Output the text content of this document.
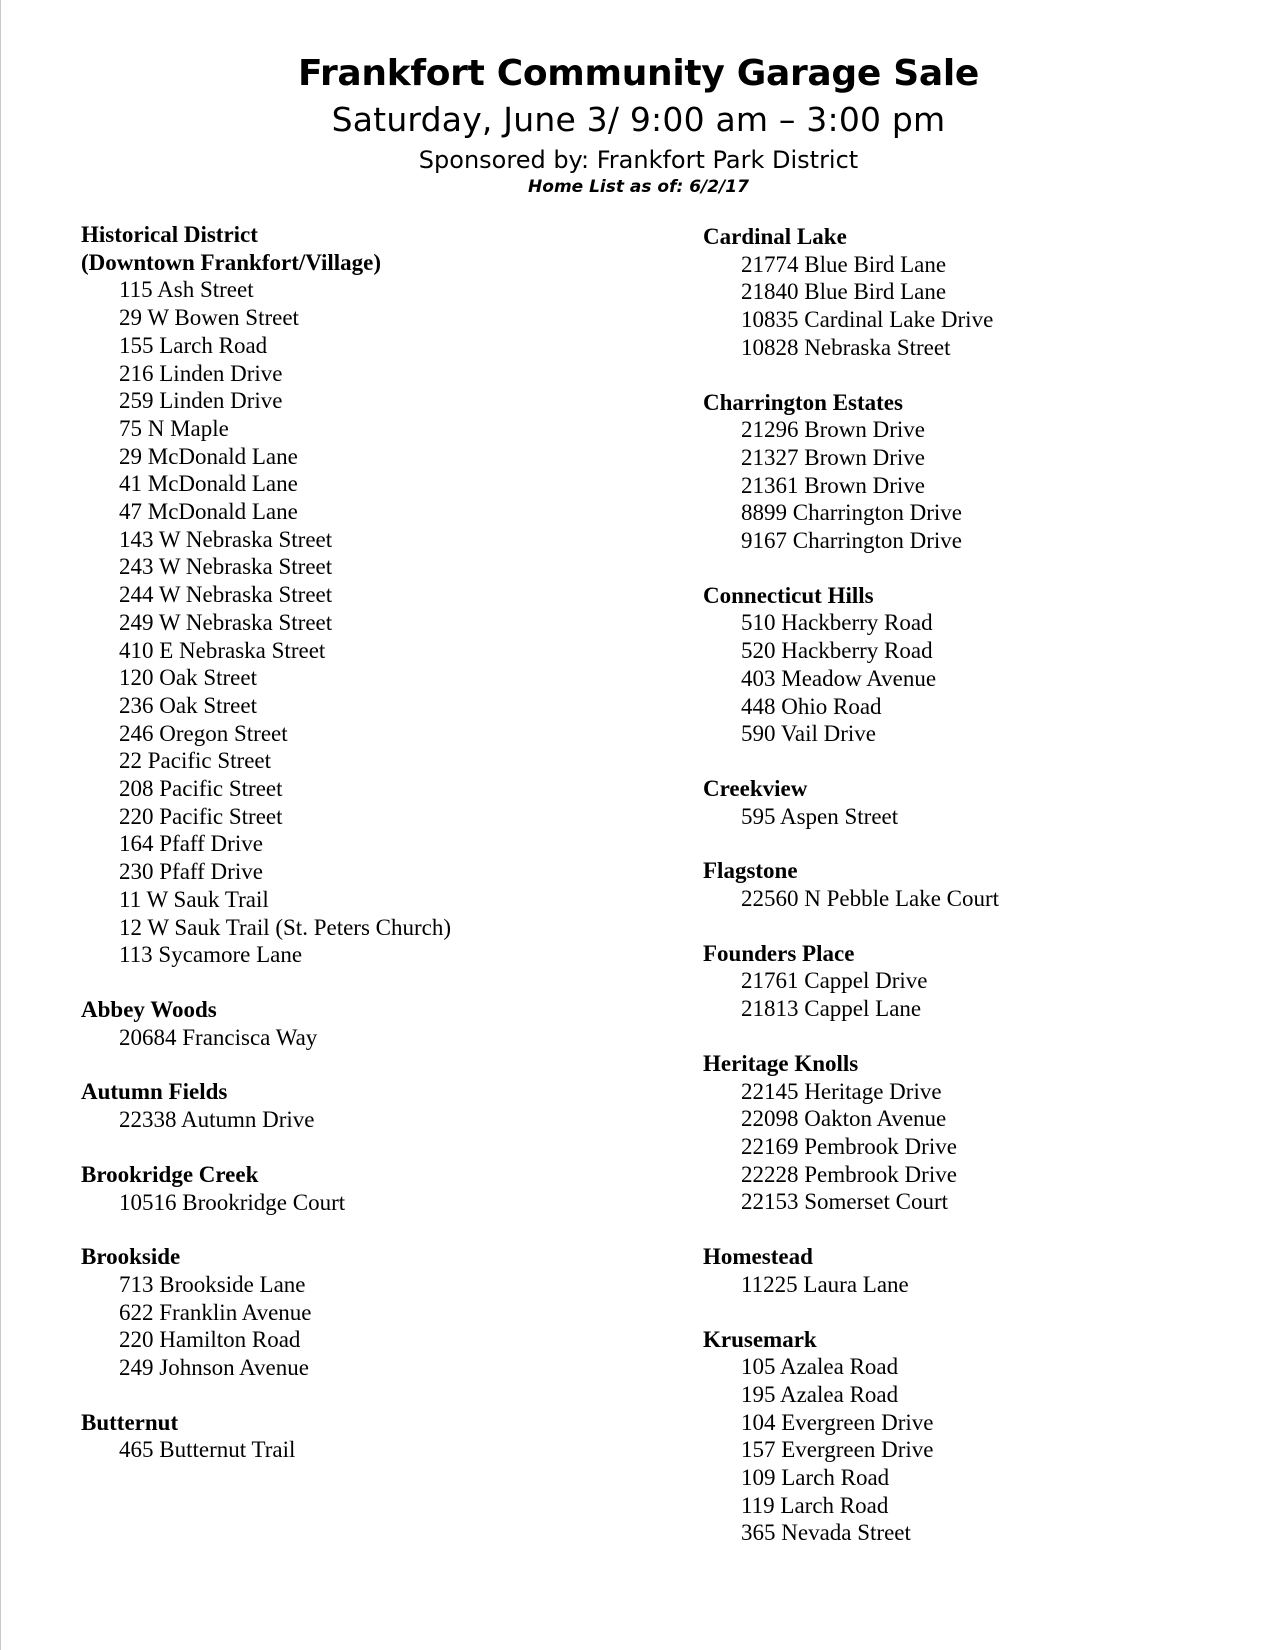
Frankfort Community Garage Sale
Saturday, June 3/ 9:00 am – 3:00 pm
Sponsored by: Frankfort Park District
Home List as of: 6/2/17
Historical District
(Downtown Frankfort/Village)
115 Ash Street
29 W Bowen Street
155 Larch Road
216 Linden Drive
259 Linden Drive
75 N Maple
29 McDonald Lane
41 McDonald Lane
47 McDonald Lane
143 W Nebraska Street
243 W Nebraska Street
244 W Nebraska Street
249 W Nebraska Street
410 E Nebraska Street
120 Oak Street
236 Oak Street
246 Oregon Street
22 Pacific Street
208 Pacific Street
220 Pacific Street
164 Pfaff Drive
230 Pfaff Drive
11 W Sauk Trail
12 W Sauk Trail (St. Peters Church)
113 Sycamore Lane
Abbey Woods
20684 Francisca Way
Autumn Fields
22338 Autumn Drive
Brookridge Creek
10516 Brookridge Court
Brookside
713 Brookside Lane
622 Franklin Avenue
220 Hamilton Road
249 Johnson Avenue
Butternut
465 Butternut Trail
Cardinal Lake
21774 Blue Bird Lane
21840 Blue Bird Lane
10835 Cardinal Lake Drive
10828 Nebraska Street
Charrington Estates
21296 Brown Drive
21327 Brown Drive
21361 Brown Drive
8899 Charrington Drive
9167 Charrington Drive
Connecticut Hills
510 Hackberry Road
520 Hackberry Road
403 Meadow Avenue
448 Ohio Road
590 Vail Drive
Creekview
595 Aspen Street
Flagstone
22560 N Pebble Lake Court
Founders Place
21761 Cappel Drive
21813 Cappel Lane
Heritage Knolls
22145 Heritage Drive
22098 Oakton Avenue
22169 Pembrook Drive
22228 Pembrook Drive
22153 Somerset Court
Homestead
11225 Laura Lane
Krusemark
105 Azalea Road
195 Azalea Road
104 Evergreen Drive
157 Evergreen Drive
109 Larch Road
119 Larch Road
365 Nevada Street
